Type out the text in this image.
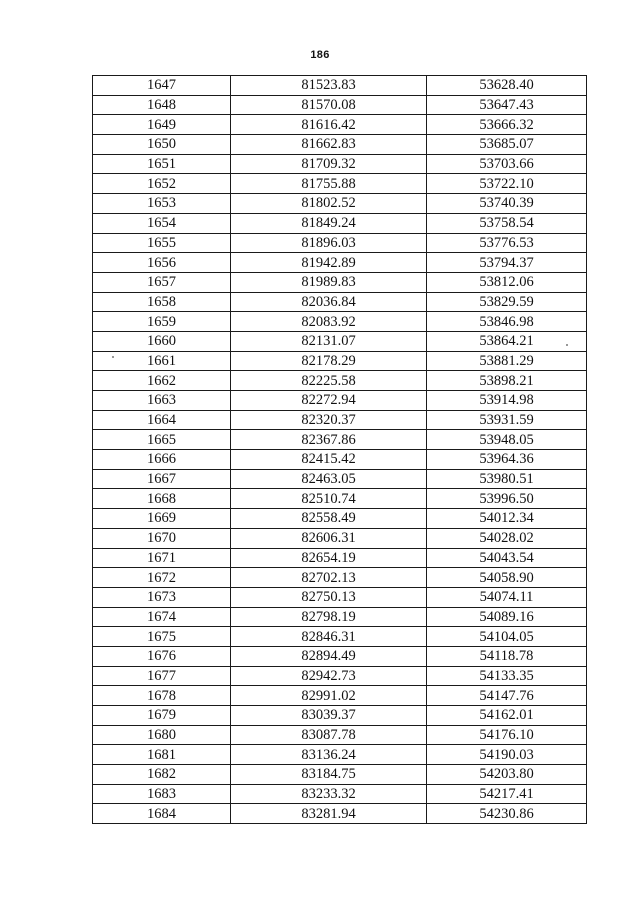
186
1647	81523.83	53628.40
1648	81570.08	53647.43
1649	81616.42	53666.32
1650	81662.83	53685.07
1651	81709.32	53703.66
1652	81755.88	53722.10
1653	81802.52	53740.39
1654	81849.24	53758.54
1655	81896.03	53776.53
1656	81942.89	53794.37
1657	81989.83	53812.06
1658	82036.84	53829.59
1659	82083.92	53846.98
1660	82131.07	53864.21
1661	82178.29	53881.29
1662	82225.58	53898.21
1663	82272.94	53914.98
1664	82320.37	53931.59
1665	82367.86	53948.05
1666	82415.42	53964.36
1667	82463.05	53980.51
1668	82510.74	53996.50
1669	82558.49	54012.34
1670	82606.31	54028.02
1671	82654.19	54043.54
1672	82702.13	54058.90
1673	82750.13	54074.11
1674	82798.19	54089.16
1675	82846.31	54104.05
1676	82894.49	54118.78
1677	82942.73	54133.35
1678	82991.02	54147.76
1679	83039.37	54162.01
1680	83087.78	54176.10
1681	83136.24	54190.03
1682	83184.75	54203.80
1683	83233.32	54217.41
1684	83281.94	54230.86
